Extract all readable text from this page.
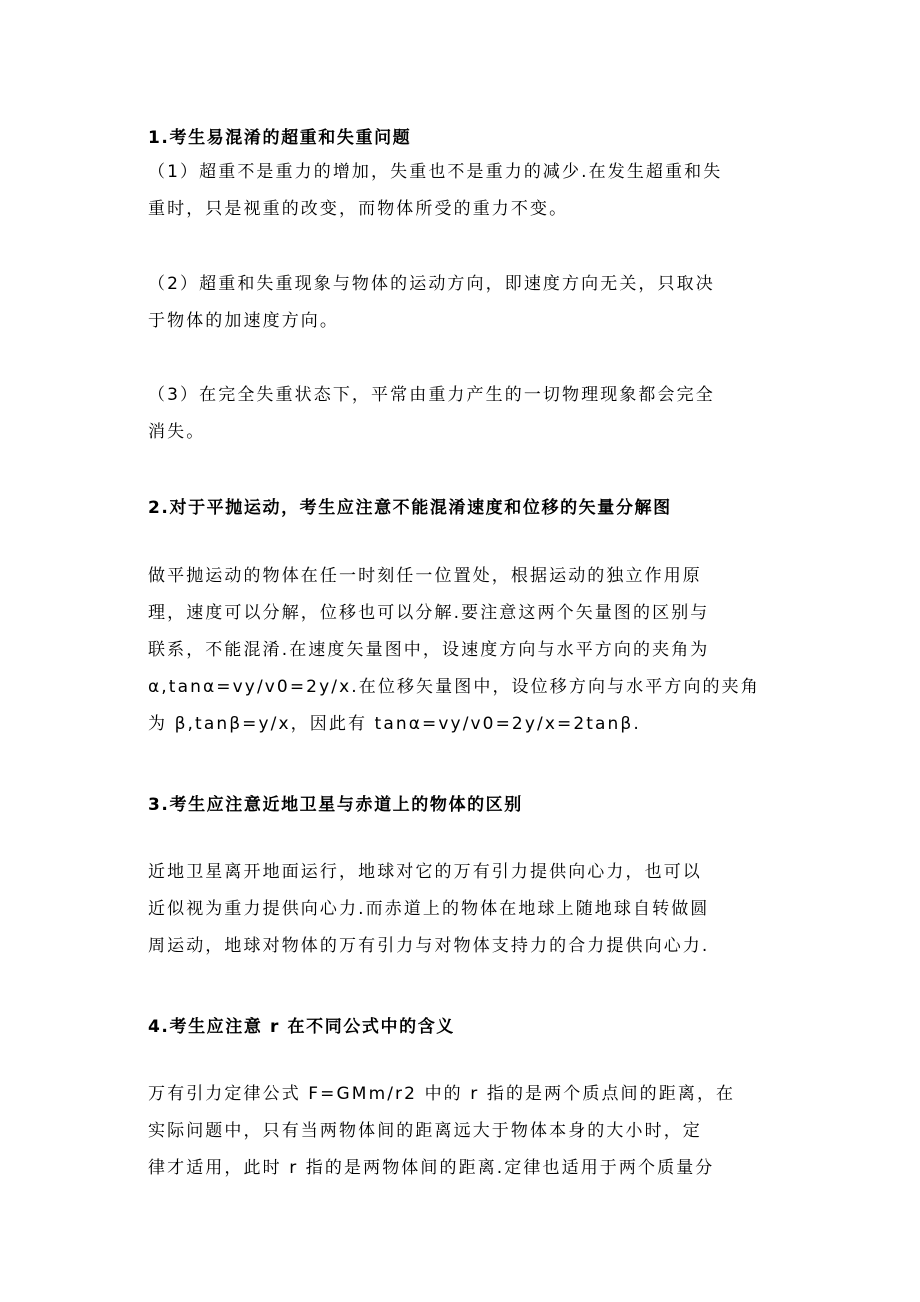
1.考生易混淆的超重和失重问题

（1）超重不是重力的增加，失重也不是重力的减少.在发生超重和失
重时，只是视重的改变，而物体所受的重力不变。

（2）超重和失重现象与物体的运动方向，即速度方向无关，只取决
于物体的加速度方向。

（3）在完全失重状态下，平常由重力产生的一切物理现象都会完全
消失。

2.对于平抛运动，考生应注意不能混淆速度和位移的矢量分解图

做平抛运动的物体在任一时刻任一位置处，根据运动的独立作用原
理，速度可以分解，位移也可以分解.要注意这两个矢量图的区别与
联系，不能混淆.在速度矢量图中，设速度方向与水平方向的夹角为
α,tanα=vy/v0=2y/x.在位移矢量图中，设位移方向与水平方向的夹角
为 β,tanβ=y/x，因此有 tanα=vy/v0=2y/x=2tanβ.

3.考生应注意近地卫星与赤道上的物体的区别

近地卫星离开地面运行，地球对它的万有引力提供向心力，也可以
近似视为重力提供向心力.而赤道上的物体在地球上随地球自转做圆
周运动，地球对物体的万有引力与对物体支持力的合力提供向心力.

4.考生应注意 r 在不同公式中的含义

万有引力定律公式 F=GMm/r2 中的 r 指的是两个质点间的距离，在
实际问题中，只有当两物体间的距离远大于物体本身的大小时，定
律才适用，此时 r 指的是两物体间的距离.定律也适用于两个质量分
